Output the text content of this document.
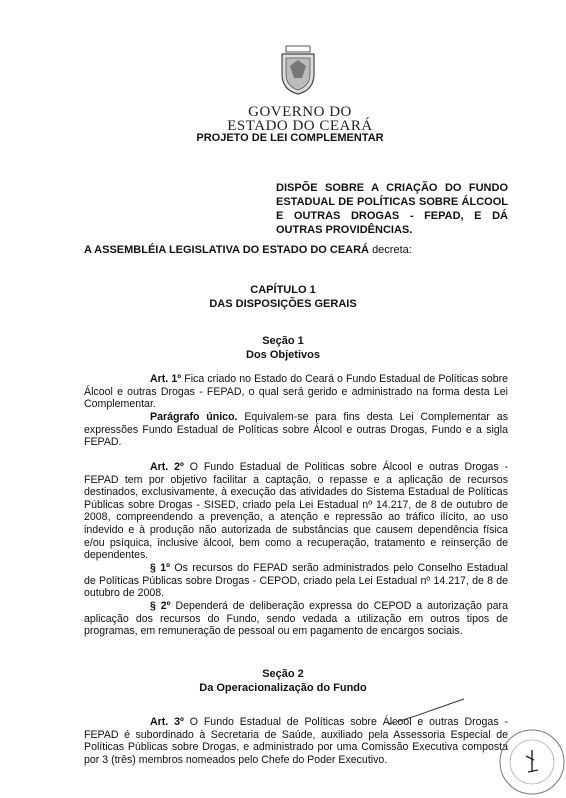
GOVERNO DO
ESTADO DO CEARÁ
PROJETO DE LEI COMPLEMENTAR
DISPÕE SOBRE A CRIAÇÃO DO FUNDO ESTADUAL DE POLÍTICAS SOBRE ÁLCOOL E OUTRAS DROGAS - FEPAD, E DÁ OUTRAS PROVIDÊNCIAS.
A ASSEMBLÉIA LEGISLATIVA DO ESTADO DO CEARÁ decreta:
CAPÍTULO 1
DAS DISPOSIÇÕES GERAIS
Seção 1
Dos Objetivos
Art. 1º Fica criado no Estado do Ceará o Fundo Estadual de Políticas sobre Álcool e outras Drogas - FEPAD, o qual será gerido e administrado na forma desta Lei Complementar.
Parágrafo único. Equivalem-se para fins desta Lei Complementar as expressões Fundo Estadual de Políticas sobre Álcool e outras Drogas, Fundo e a sigla FEPAD.
Art. 2º O Fundo Estadual de Políticas sobre Álcool e outras Drogas - FEPAD tem por objetivo facilitar a captação, o repasse e a aplicação de recursos destinados, exclusivamente, à execução das atividades do Sistema Estadual de Políticas Públicas sobre Drogas - SISED, criado pela Lei Estadual nº 14.217, de 8 de outubro de 2008, compreendendo a prevenção, a atenção e repressão ao tráfico ilícito, ao uso indevido e à produção não autorizada de substâncias que causem dependência física e/ou psíquica, inclusive álcool, bem como a recuperação, tratamento e reinserção de dependentes.
§ 1º Os recursos do FEPAD serão administrados pelo Conselho Estadual de Políticas Públicas sobre Drogas - CEPOD, criado pela Lei Estadual nº 14.217, de 8 de outubro de 2008.
§ 2º Dependerá de deliberação expressa do CEPOD a autorização para aplicação dos recursos do Fundo, sendo vedada a utilização em outros tipos de programas, em remuneração de pessoal ou em pagamento de encargos sociais.
Seção 2
Da Operacionalização do Fundo
Art. 3º O Fundo Estadual de Políticas sobre Álcool e outras Drogas - FEPAD é subordinado à Secretaria de Saúde, auxiliado pela Assessoria Especial de Políticas Públicas sobre Drogas, e administrado por uma Comissão Executiva composta por 3 (três) membros nomeados pelo Chefe do Poder Executivo.
